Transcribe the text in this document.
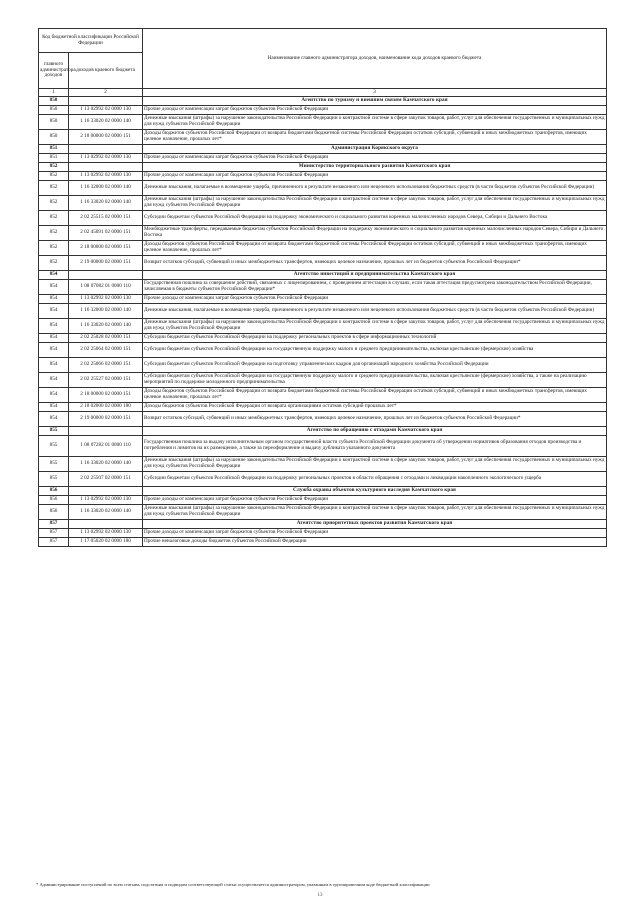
Код бюджетной классификации Российской Федерации		Наименование главного администратора доходов, наименование кода доходов краевого бюджета
главного администратора доходов	доходов краевого бюджета	
1	2	3
850		Агентство по туризму и внешним связям Камчатского края
850	1 13 02992 02 0000 130	Прочие доходы от компенсации затрат бюджетов субъектов Российской Федерации
850	1 16 33020 02 0000 140	Денежные взыскания (штрафы) за нарушение законодательства Российской Федерации о контрактной системе в сфере закупок товаров, работ, услуг для обеспечения государственных и муниципальных нужд для нужд субъектов Российской Федерации
850	2 18 00000 02 0000 151	Доходы бюджетов субъектов Российской Федерации от возврата бюджетами бюджетной системы Российской Федерации остатков субсидий, субвенций и иных межбюджетных трансфертов, имеющих целевое назначение, прошлых лет*
851		Администрация Корякского округа
851	1 13 02992 02 0000 130	Прочие доходы от компенсации затрат бюджетов субъектов Российской Федерации
852		Министерство территориального развития Камчатского края
852	1 13 02992 02 0000 130	Прочие доходы от компенсации затрат бюджетов субъектов Российской Федерации
852	1 16 32000 02 0000 140	Денежные взыскания, налагаемые в возмещение ущерба, причиненного в результате незаконного или нецелевого использования бюджетных средств (в части бюджетов субъектов Российской Федерации)
852	1 16 33020 02 0000 140	Денежные взыскания (штрафы) за нарушение законодательства Российской Федерации о контрактной системе в сфере закупок товаров, работ, услуг для обеспечения государственных и муниципальных нужд для нужд субъектов Российской Федерации
852	2 02 25515 02 0000 151	Субсидии бюджетам субъектов Российской Федерации на поддержку экономического и социального развития коренных малочисленных народов Севера, Сибири и Дальнего Востока
852	2 02 45091 02 0000 151	Межбюджетные трансферты, передаваемые бюджетам субъектов Российской Федерации на поддержку экономического и социального развития коренных малочисленных народов Севера, Сибири и Дальнего Востока
852	2 18 00000 02 0000 151	Доходы бюджетов субъектов Российской Федерации от возврата бюджетами бюджетной системы Российской Федерации остатков субсидий, субвенций и иных межбюджетных трансфертов, имеющих целевое назначение, прошлых лет*
852	2 19 00000 02 0000 151	Возврат остатков субсидий, субвенций и иных межбюджетных трансфертов, имеющих целевое назначение, прошлых лет из бюджетов субъектов Российской Федерации*
854		Агентство инвестиций и предпринимательства Камчатского края
854	1 08 07082 01 0000 110	Государственная пошлина за совершение действий, связанных с лицензированием, с проведением аттестации в случаях, если такая аттестация предусмотрена законодательством Российской Федерации, зачисляемая в бюджеты субъектов Российской Федерации*
854	1 13 02992 02 0000 130	Прочие доходы от компенсации затрат бюджетов субъектов Российской Федерации
854	1 16 32000 02 0000 140	Денежные взыскания, налагаемые в возмещение ущерба, причиненного в результате незаконного или нецелевого использования бюджетных средств (в части бюджетов субъектов Российской Федерации)
854	1 16 33020 02 0000 140	Денежные взыскания (штрафы) за нарушение законодательства Российской Федерации о контрактной системе в сфере закупок товаров, работ, услуг для обеспечения государственных и муниципальных нужд для нужд субъектов Российской Федерации
854	2 02 25028 02 0000 151	Субсидии бюджетам субъектов Российской Федерации на поддержку региональных проектов в сфере информационных технологий
854	2 02 25064 02 0000 151	Субсидии бюджетам субъектов Российской Федерации на государственную поддержку малого и среднего предпринимательства, включая крестьянские (фермерские) хозяйства
854	2 02 25066 02 0000 151	Субсидии бюджетам субъектов Российской Федерации на подготовку управленческих кадров для организаций народного хозяйства Российской Федерации
854	2 02 25527 02 0000 151	Субсидии бюджетам субъектов Российской Федерации на государственную поддержку малого и среднего предпринимательства, включая крестьянские (фермерские) хозяйства, а также на реализацию мероприятий по поддержке молодежного предпринимательства
854	2 18 00000 02 0000 151	Доходы бюджетов субъектов Российской Федерации от возврата бюджетами бюджетной системы Российской Федерации остатков субсидий, субвенций и иных межбюджетных трансфертов, имеющих целевое назначение, прошлых лет*
854	2 18 02000 02 0000 180	Доходы бюджетов субъектов Российской Федерации от возврата организациями остатков субсидий прошлых лет*
854	2 19 00000 02 0000 151	Возврат остатков субсидий, субвенций и иных межбюджетных трансфертов, имеющих целевое назначение, прошлых лет из бюджетов субъектов Российской Федерации*
855		Агентство по обращению с отходами Камчатского края
855	1 08 07282 01 0000 110	Государственная пошлина за выдачу исполнительным органом государственной власти субъекта Российской Федерации документа об утверждении нормативов образования отходов производства и потребления и лимитов на их размещение, а также за переоформление и выдачу дубликата указанного документа
855	1 16 33020 02 0000 140	Денежные взыскания (штрафы) за нарушение законодательства Российской Федерации о контрактной системе в сфере закупок товаров, работ, услуг для обеспечения государственных и муниципальных нужд для нужд субъектов Российской Федерации
855	2 02 25507 02 0000 151	Субсидии бюджетам субъектов Российской Федерации на поддержку региональных проектов в области обращения с отходами и ликвидации накопленного экологического ущерба
856		Служба охраны объектов культурного наследия Камчатского края
856	1 13 02992 02 0000 130	Прочие доходы от компенсации затрат бюджетов субъектов Российской Федерации
856	1 16 33020 02 0000 140	Денежные взыскания (штрафы) за нарушение законодательства Российской Федерации о контрактной системе в сфере закупок товаров, работ, услуг для обеспечения государственных и муниципальных нужд для нужд субъектов Российской Федерации
857		Агентство приоритетных проектов развития Камчатского края
857	1 13 02992 02 0000 130	Прочие доходы от компенсации затрат бюджетов субъектов Российской Федерации
857	1 17 05020 02 0000 180	Прочие неналоговые доходы бюджетов субъектов Российской Федерации
* Администрирование поступлений по всем статьям, подстатьям и подвидам соответствующей статьи осуществляется администратором, указанным в группировочном коде бюджетной классификации
13
